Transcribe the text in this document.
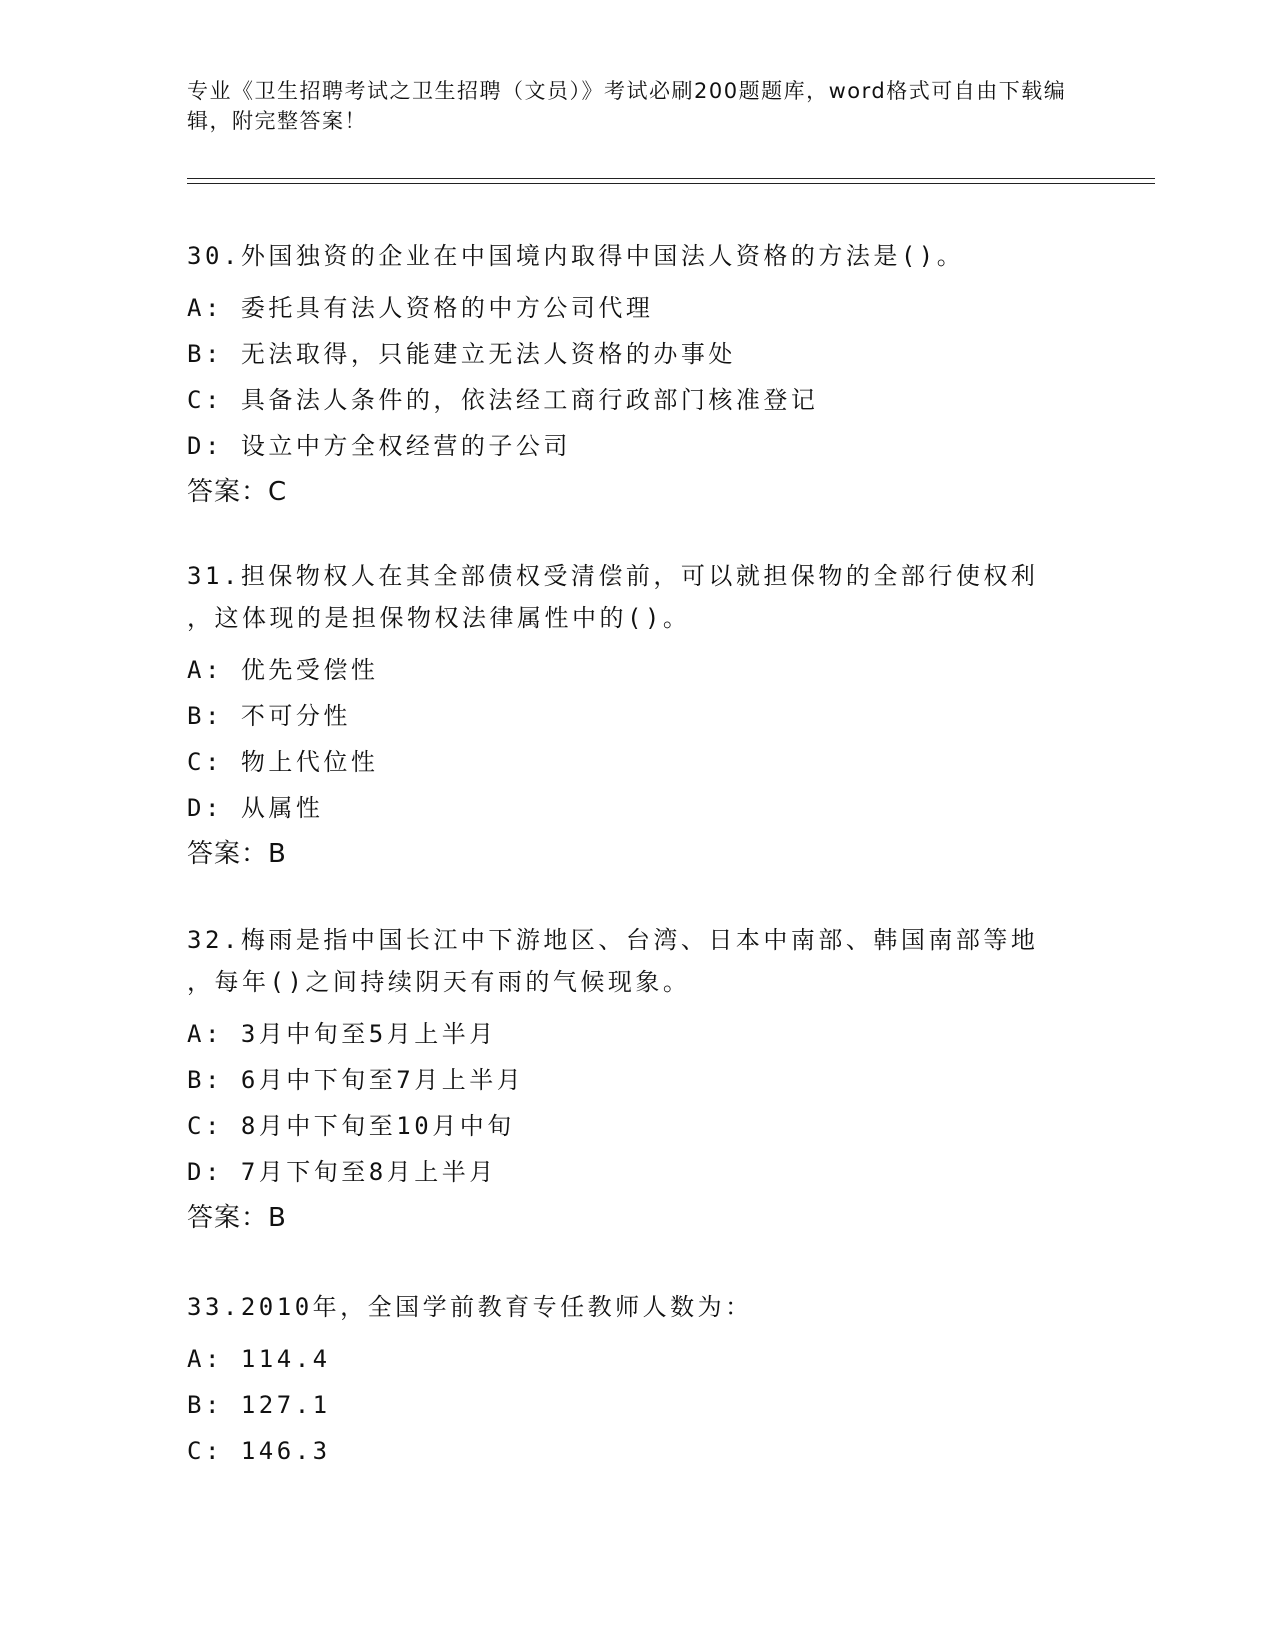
专业《卫生招聘考试之卫生招聘（文员）》考试必刷200题题库，word格式可自由下载编辑，附完整答案！

30.外国独资的企业在中国境内取得中国法人资格的方法是()。

A: 委托具有法人资格的中方公司代理

B: 无法取得，只能建立无法人资格的办事处

C: 具备法人条件的，依法经工商行政部门核准登记

D: 设立中方全权经营的子公司

答案：C

31.担保物权人在其全部债权受清偿前，可以就担保物的全部行使权利

，这体现的是担保物权法律属性中的()。

A: 优先受偿性

B: 不可分性

C: 物上代位性

D: 从属性

答案：B

32.梅雨是指中国长江中下游地区、台湾、日本中南部、韩国南部等地

，每年()之间持续阴天有雨的气候现象。

A: 3月中旬至5月上半月

B: 6月中下旬至7月上半月

C: 8月中下旬至10月中旬

D: 7月下旬至8月上半月

答案：B

33.2010年，全国学前教育专任教师人数为：

A: 114.4

B: 127.1

C: 146.3
